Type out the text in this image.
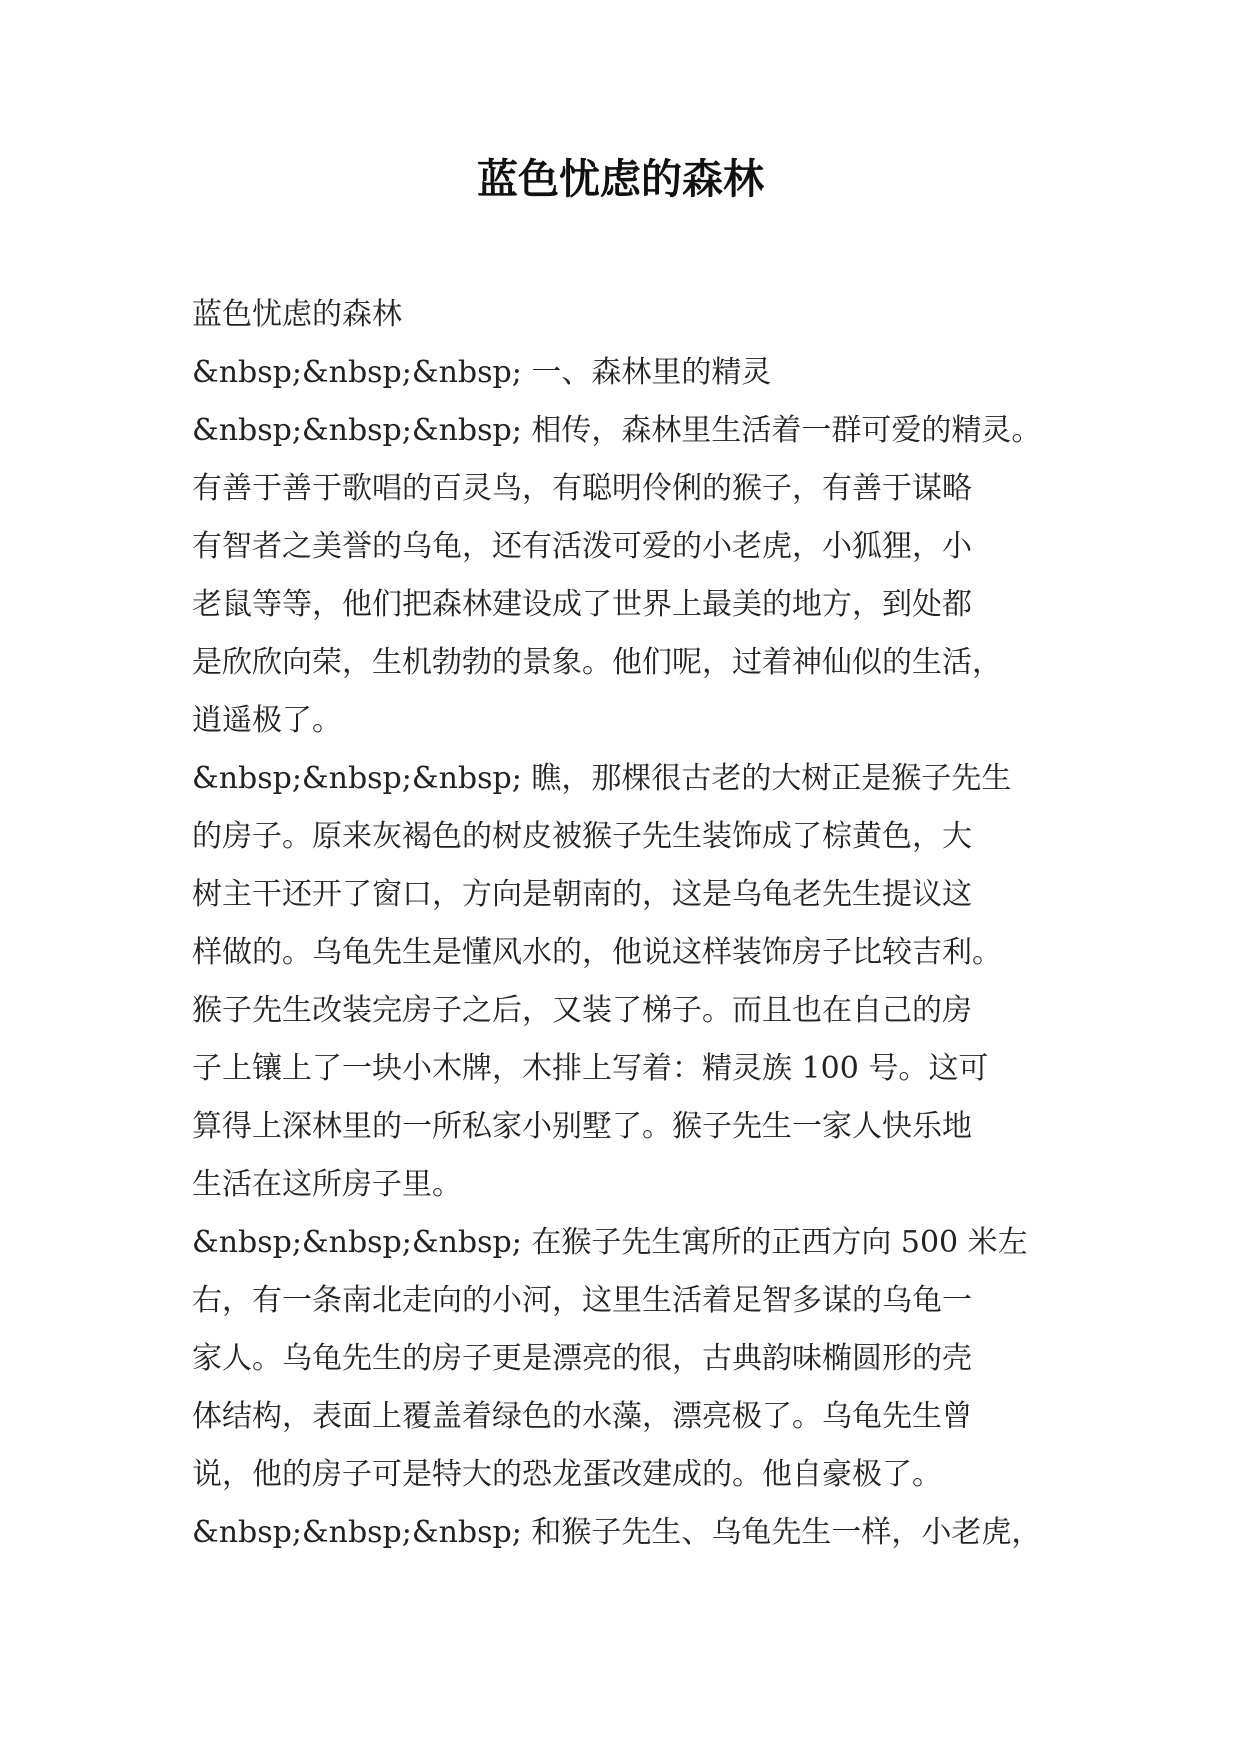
蓝色忧虑的森林
蓝色忧虑的森林
&nbsp;&nbsp;&nbsp; 一、森林里的精灵
&nbsp;&nbsp;&nbsp; 相传，森林里生活着一群可爱的精灵。
有善于善于歌唱的百灵鸟，有聪明伶俐的猴子，有善于谋略
有智者之美誉的乌龟，还有活泼可爱的小老虎，小狐狸，小
老鼠等等，他们把森林建设成了世界上最美的地方，到处都
是欣欣向荣，生机勃勃的景象。他们呢，过着神仙似的生活，
逍遥极了。
&nbsp;&nbsp;&nbsp; 瞧，那棵很古老的大树正是猴子先生
的房子。原来灰褐色的树皮被猴子先生装饰成了棕黄色，大
树主干还开了窗口，方向是朝南的，这是乌龟老先生提议这
样做的。乌龟先生是懂风水的，他说这样装饰房子比较吉利。
猴子先生改装完房子之后，又装了梯子。而且也在自己的房
子上镶上了一块小木牌，木排上写着：精灵族 100 号。这可
算得上深林里的一所私家小别墅了。猴子先生一家人快乐地
生活在这所房子里。
&nbsp;&nbsp;&nbsp; 在猴子先生寓所的正西方向 500 米左
右，有一条南北走向的小河，这里生活着足智多谋的乌龟一
家人。乌龟先生的房子更是漂亮的很，古典韵味椭圆形的壳
体结构，表面上覆盖着绿色的水藻，漂亮极了。乌龟先生曾
说，他的房子可是特大的恐龙蛋改建成的。他自豪极了。
&nbsp;&nbsp;&nbsp; 和猴子先生、乌龟先生一样，小老虎，
